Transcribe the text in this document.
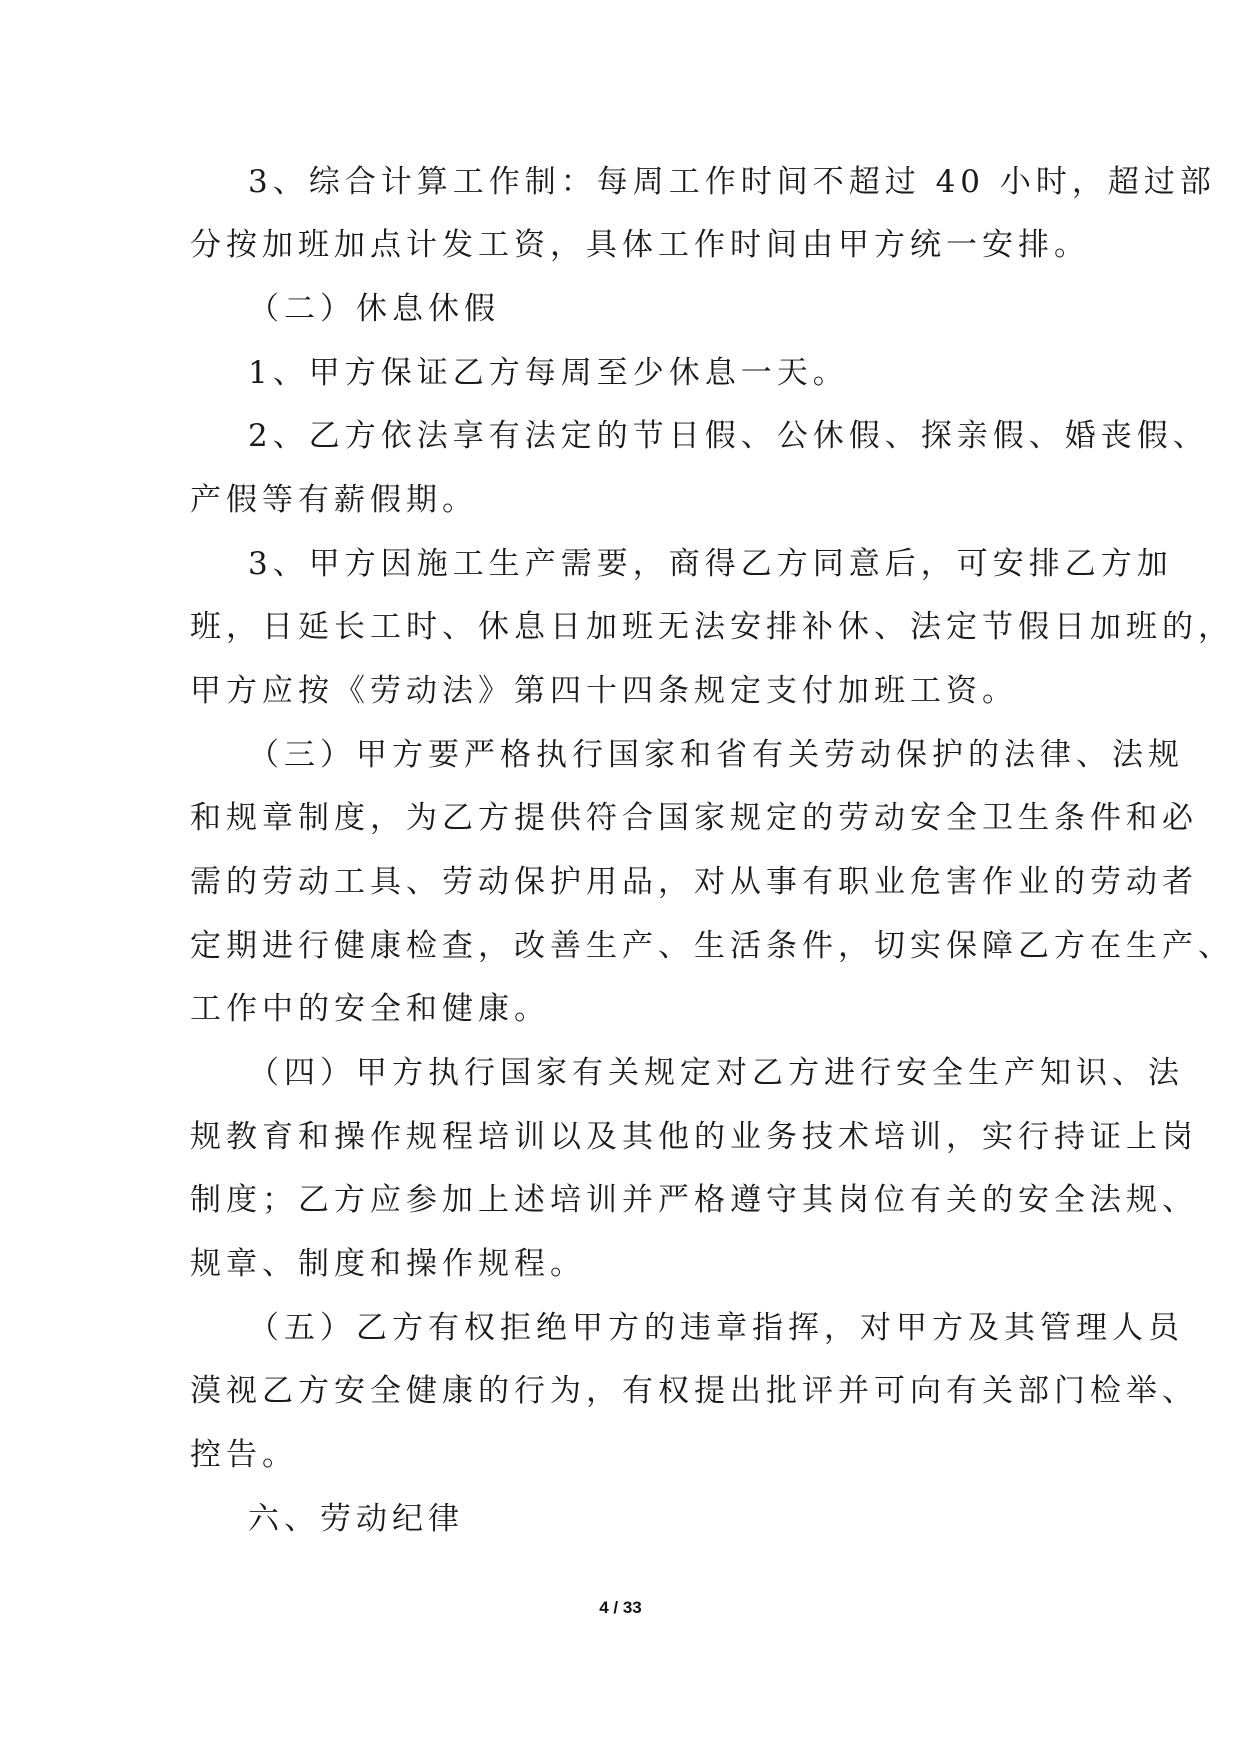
3、综合计算工作制：每周工作时间不超过 40 小时，超过部
分按加班加点计发工资，具体工作时间由甲方统一安排。
（二）休息休假
1、甲方保证乙方每周至少休息一天。
2、乙方依法享有法定的节日假、公休假、探亲假、婚丧假、
产假等有薪假期。
3、甲方因施工生产需要，商得乙方同意后，可安排乙方加
班，日延长工时、休息日加班无法安排补休、法定节假日加班的，
甲方应按《劳动法》第四十四条规定支付加班工资。
（三）甲方要严格执行国家和省有关劳动保护的法律、法规
和规章制度，为乙方提供符合国家规定的劳动安全卫生条件和必
需的劳动工具、劳动保护用品，对从事有职业危害作业的劳动者
定期进行健康检查，改善生产、生活条件，切实保障乙方在生产、
工作中的安全和健康。
（四）甲方执行国家有关规定对乙方进行安全生产知识、法
规教育和操作规程培训以及其他的业务技术培训，实行持证上岗
制度；乙方应参加上述培训并严格遵守其岗位有关的安全法规、
规章、制度和操作规程。
（五）乙方有权拒绝甲方的违章指挥，对甲方及其管理人员
漠视乙方安全健康的行为，有权提出批评并可向有关部门检举、
控告。
六、劳动纪律
4 / 33
